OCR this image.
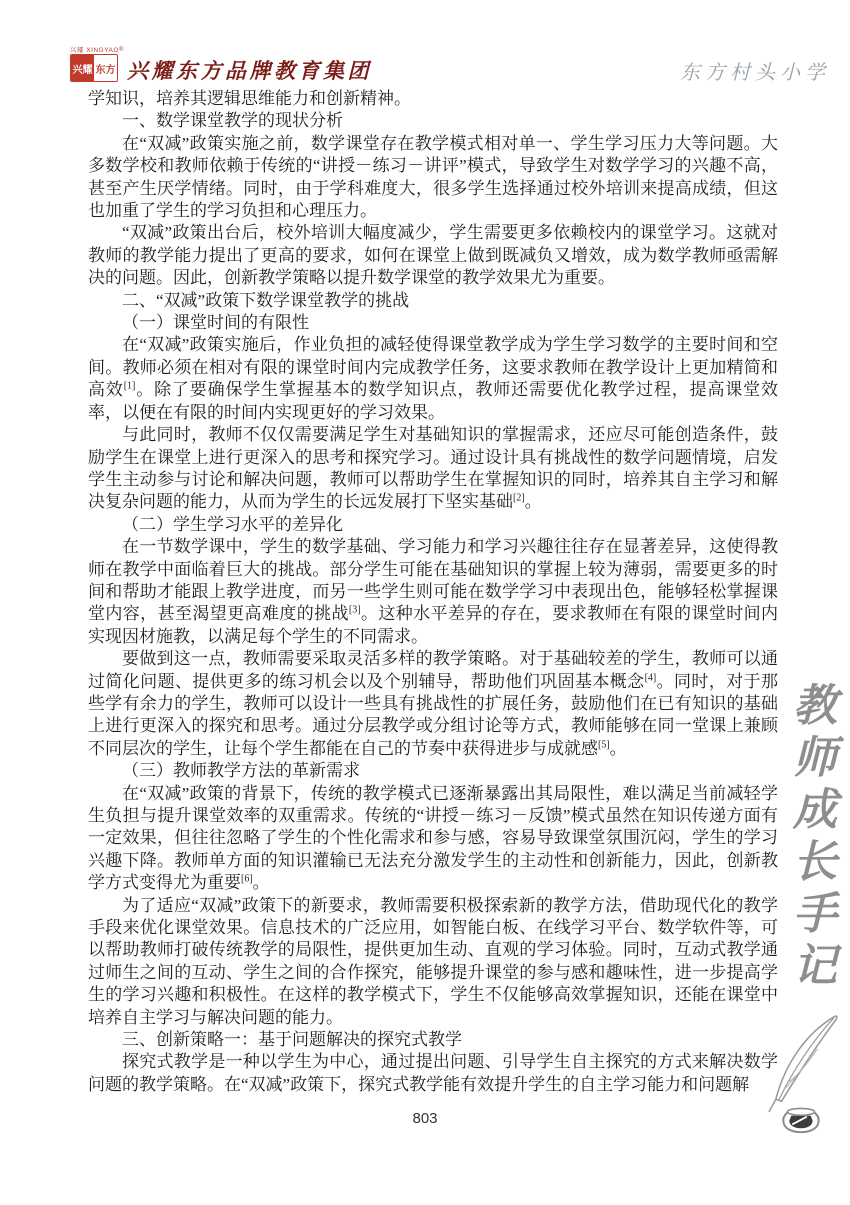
兴耀 XINGYAO®
兴耀 东方 兴耀东方品牌教育集团	东方村头小学

学知识，培养其逻辑思维能力和创新精神。

一、数学课堂教学的现状分析

在“双减”政策实施之前，数学课堂存在教学模式相对单一、学生学习压力大等问题。大多数学校和教师依赖于传统的“讲授－练习－讲评”模式，导致学生对数学学习的兴趣不高，甚至产生厌学情绪。同时，由于学科难度大，很多学生选择通过校外培训来提高成绩，但这也加重了学生的学习负担和心理压力。

“双减”政策出台后，校外培训大幅度减少，学生需要更多依赖校内的课堂学习。这就对教师的教学能力提出了更高的要求，如何在课堂上做到既减负又增效，成为数学教师亟需解决的问题。因此，创新教学策略以提升数学课堂的教学效果尤为重要。

二、“双减”政策下数学课堂教学的挑战

（一）课堂时间的有限性

在“双减”政策实施后，作业负担的减轻使得课堂教学成为学生学习数学的主要时间和空间。教师必须在相对有限的课堂时间内完成教学任务，这要求教师在教学设计上更加精简和高效[1]。除了要确保学生掌握基本的数学知识点，教师还需要优化教学过程，提高课堂效率，以便在有限的时间内实现更好的学习效果。

与此同时，教师不仅仅需要满足学生对基础知识的掌握需求，还应尽可能创造条件，鼓励学生在课堂上进行更深入的思考和探究学习。通过设计具有挑战性的数学问题情境，启发学生主动参与讨论和解决问题，教师可以帮助学生在掌握知识的同时，培养其自主学习和解决复杂问题的能力，从而为学生的长远发展打下坚实基础[2]。

（二）学生学习水平的差异化

在一节数学课中，学生的数学基础、学习能力和学习兴趣往往存在显著差异，这使得教师在教学中面临着巨大的挑战。部分学生可能在基础知识的掌握上较为薄弱，需要更多的时间和帮助才能跟上教学进度，而另一些学生则可能在数学学习中表现出色，能够轻松掌握课堂内容，甚至渴望更高难度的挑战[3]。这种水平差异的存在，要求教师在有限的课堂时间内实现因材施教，以满足每个学生的不同需求。

要做到这一点，教师需要采取灵活多样的教学策略。对于基础较差的学生，教师可以通过简化问题、提供更多的练习机会以及个别辅导，帮助他们巩固基本概念[4]。同时，对于那些学有余力的学生，教师可以设计一些具有挑战性的扩展任务，鼓励他们在已有知识的基础上进行更深入的探究和思考。通过分层教学或分组讨论等方式，教师能够在同一堂课上兼顾不同层次的学生，让每个学生都能在自己的节奏中获得进步与成就感[5]。

（三）教师教学方法的革新需求

在“双减”政策的背景下，传统的教学模式已逐渐暴露出其局限性，难以满足当前减轻学生负担与提升课堂效率的双重需求。传统的“讲授－练习－反馈”模式虽然在知识传递方面有一定效果，但往往忽略了学生的个性化需求和参与感，容易导致课堂氛围沉闷，学生的学习兴趣下降。教师单方面的知识灌输已无法充分激发学生的主动性和创新能力，因此，创新教学方式变得尤为重要[6]。

为了适应“双减”政策下的新要求，教师需要积极探索新的教学方法，借助现代化的教学手段来优化课堂效果。信息技术的广泛应用，如智能白板、在线学习平台、数学软件等，可以帮助教师打破传统教学的局限性，提供更加生动、直观的学习体验。同时，互动式教学通过师生之间的互动、学生之间的合作探究，能够提升课堂的参与感和趣味性，进一步提高学生的学习兴趣和积极性。在这样的教学模式下，学生不仅能够高效掌握知识，还能在课堂中培养自主学习与解决问题的能力。

三、创新策略一：基于问题解决的探究式教学

探究式教学是一种以学生为中心，通过提出问题、引导学生自主探究的方式来解决数学问题的教学策略。在“双减”政策下，探究式教学能有效提升学生的自主学习能力和问题解

教师成长手记
803
